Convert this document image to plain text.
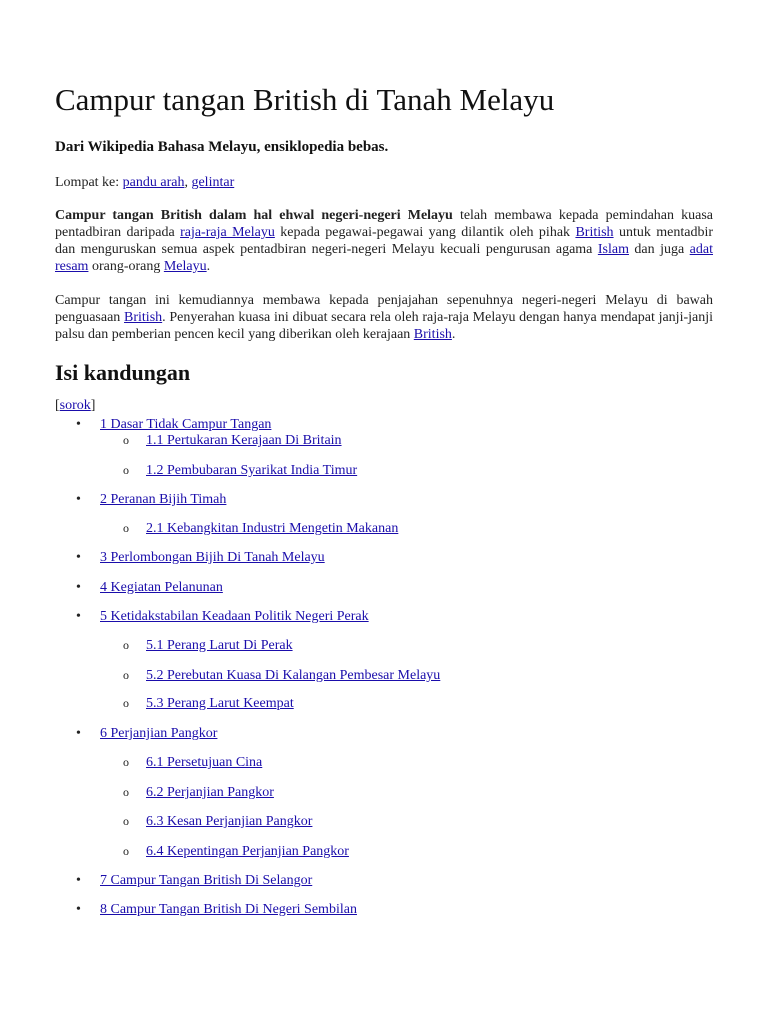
Campur tangan British di Tanah Melayu

Dari Wikipedia Bahasa Melayu, ensiklopedia bebas.

Lompat ke: pandu arah, gelintar

Campur tangan British dalam hal ehwal negeri-negeri Melayu telah membawa kepada pemindahan kuasa pentadbiran daripada raja-raja Melayu kepada pegawai-pegawai yang dilantik oleh pihak British untuk mentadbir dan menguruskan semua aspek pentadbiran negeri-negeri Melayu kecuali pengurusan agama Islam dan juga adat resam orang-orang Melayu.

Campur tangan ini kemudiannya membawa kepada penjajahan sepenuhnya negeri-negeri Melayu di bawah penguasaan British. Penyerahan kuasa ini dibuat secara rela oleh raja-raja Melayu dengan hanya mendapat janji-janji palsu dan pemberian pencen kecil yang diberikan oleh kerajaan British.

Isi kandungan
[sorok]
•
1 Dasar Tidak Campur Tangan
o
1.1 Pertukaran Kerajaan Di Britain
o
1.2 Pembubaran Syarikat India Timur
•
2 Peranan Bijih Timah
o
2.1 Kebangkitan Industri Mengetin Makanan
•
3 Perlombongan Bijih Di Tanah Melayu
•
4 Kegiatan Pelanunan
•
5 Ketidakstabilan Keadaan Politik Negeri Perak
o
5.1 Perang Larut Di Perak
o
5.2 Perebutan Kuasa Di Kalangan Pembesar Melayu
o
5.3 Perang Larut Keempat
•
6 Perjanjian Pangkor
o
6.1 Persetujuan Cina
o
6.2 Perjanjian Pangkor
o
6.3 Kesan Perjanjian Pangkor
o
6.4 Kepentingan Perjanjian Pangkor
•
7 Campur Tangan British Di Selangor
•
8 Campur Tangan British Di Negeri Sembilan
